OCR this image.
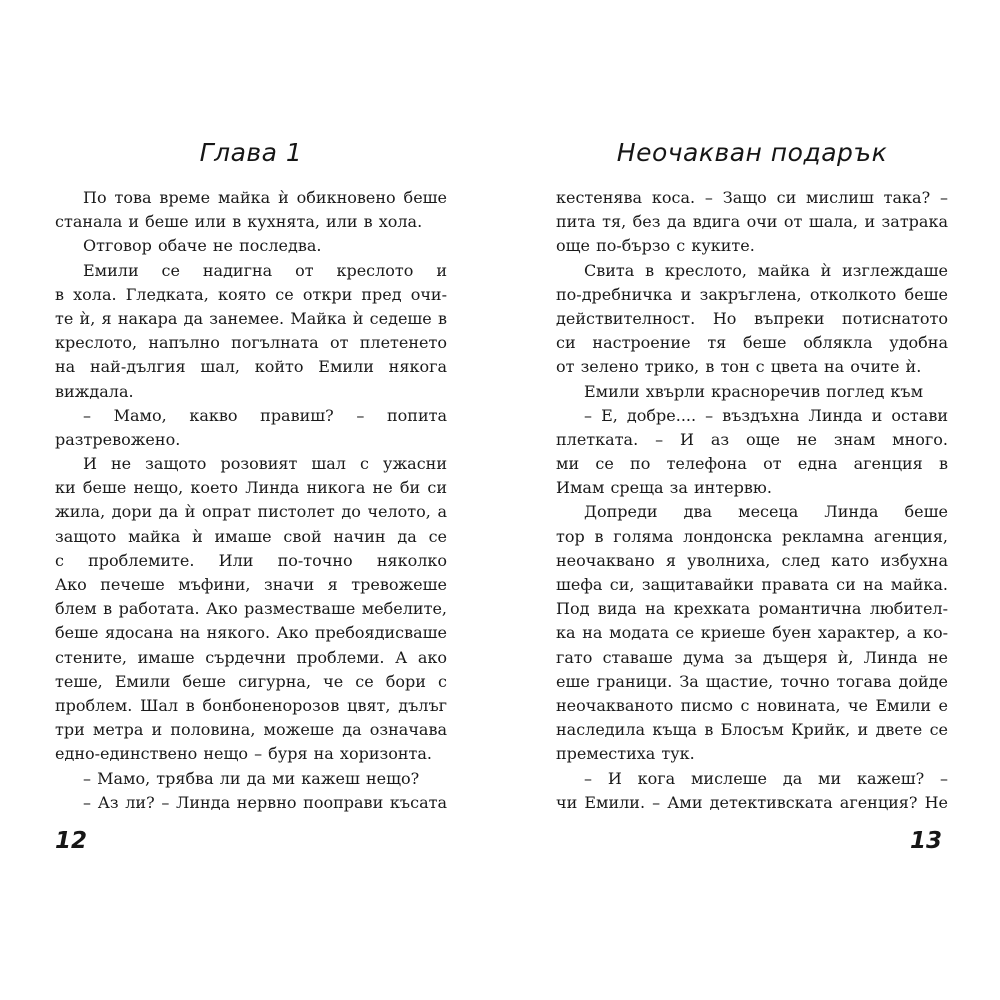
Глава 1
По това време майка ѝ обикновено беше
станала и беше или в кухнята, или в хола.
Отговор обаче не последва.
Емили се надигна от креслото и
в хола. Гледката, която се откри пред очи-
те ѝ, я накара да занемее. Майка ѝ седеше в
креслото, напълно погълната от плетенето
на най-дългия шал, който Емили някога
виждала.
– Мамо, какво правиш? – попита
разтревожено.
И не защото розовият шал с ужасни
ки беше нещо, което Линда никога не би си
жила, дори да ѝ опрат пистолет до челото, а
защото майка ѝ имаше свой начин да се
с проблемите. Или по-точно няколко
Ако печеше мъфини, значи я тревожеше
блем в работата. Ако разместваше мебелите,
беше ядосана на някого. Ако пребоядисваше
стените, имаше сърдечни проблеми. А ако
теше, Емили беше сигурна, че се бори с
проблем. Шал в бонбоненорозов цвят, дълъг
три метра и половина, можеше да означава
едно-единствено нещо – буря на хоризонта.
– Мамо, трябва ли да ми кажеш нещо?
– Аз ли? – Линда нервно пооправи късата
12
Неочакван подарък
кестенява коса. – Защо си мислиш така? –
пита тя, без да вдига очи от шала, и затрака
още по-бързо с куките.
Свита в креслото, майка ѝ изглеждаше
по-дребничка и закръглена, отколкото беше
действителност. Но въпреки потиснатото
си настроение тя беше облякла удобна
от зелено трико, в тон с цвета на очите ѝ.
Емили хвърли красноречив поглед към
– Е, добре.... – въздъхна Линда и остави
плетката. – И аз още не знам много.
ми се по телефона от една агенция в
Имам среща за интервю.
Допреди два месеца Линда беше
тор в голяма лондонска рекламна агенция,
неочаквано я уволниха, след като избухна
шефа си, защитавайки правата си на майка.
Под вида на крехката романтична любител-
ка на модата се криеше буен характер, а ко-
гато ставаше дума за дъщеря ѝ, Линда не
еше граници. За щастие, точно тогава дойде
неочакваното писмо с новината, че Емили е
наследила къща в Блосъм Крийк, и двете се
преместиха тук.
– И кога мислеше да ми кажеш? –
чи Емили. – Ами детективската агенция? Не
13
